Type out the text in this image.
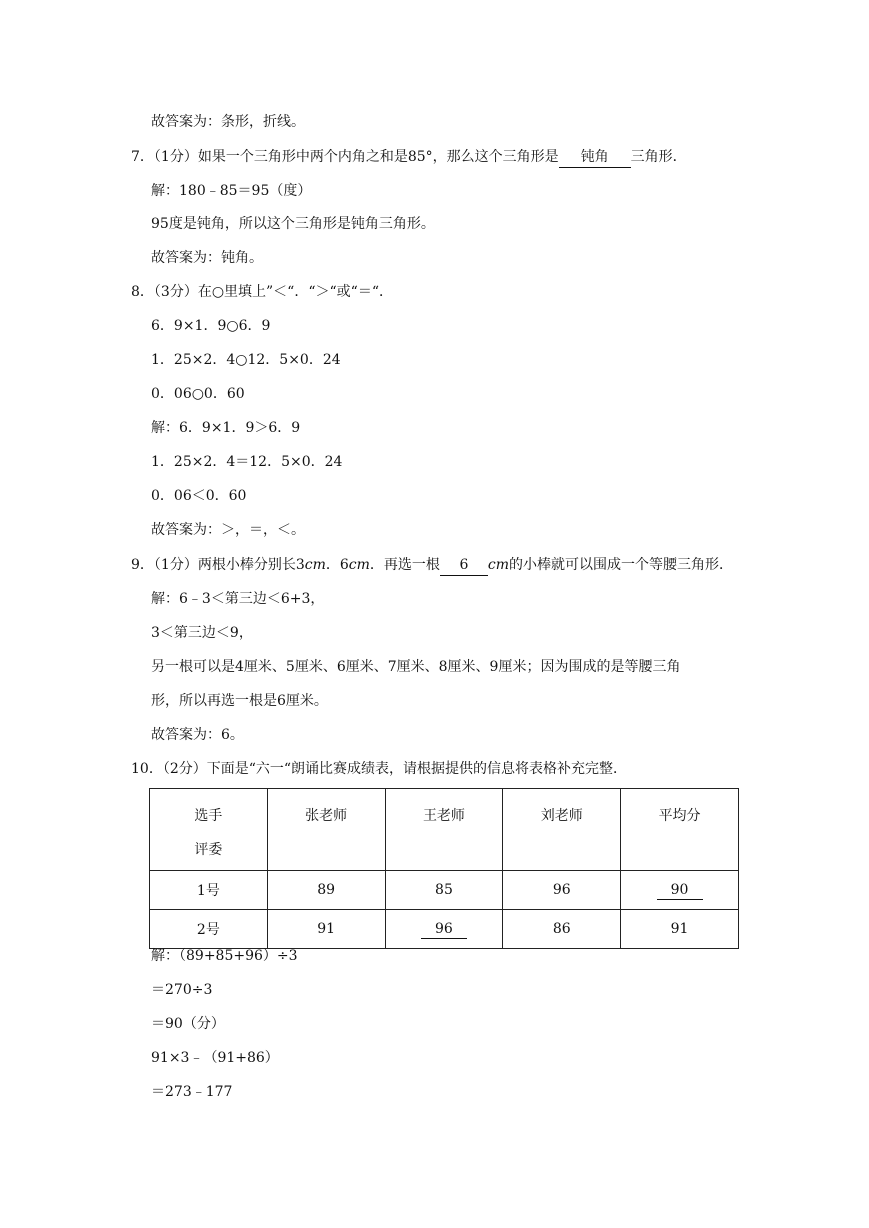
故答案为：条形，折线。
7．（1分）如果一个三角形中两个内角之和是85°，那么这个三角形是 钝角 三角形．
解：180﹣85＝95（度）
95度是钝角，所以这个三角形是钝角三角形。
故答案为：钝角。
8．（3分）在○里填上”＜“．“＞“或“＝“．
6．9×1．9○6．9
1．25×2．4○12．5×0．24
0．06○0．60
解：6．9×1．9＞6．9
1．25×2．4＝12．5×0．24
0．06＜0．60
故答案为：＞，＝，＜。
9．（1分）两根小棒分别长3cm．6cm．再选一根 6 cm的小棒就可以围成一个等腰三角形．
解：6﹣3＜第三边＜6+3，
3＜第三边＜9，
另一根可以是4厘米、5厘米、6厘米、7厘米、8厘米、9厘米；因为围成的是等腰三角
形，所以再选一根是6厘米。
故答案为：6。
10．（2分）下面是“六一“朗诵比赛成绩表，请根据提供的信息将表格补充完整．
选手
评委	张老师	王老师	刘老师	平均分
1号	89	85	96	90
2号	91	96	86	91
解：（89+85+96）÷3
＝270÷3
＝90（分）
91×3﹣（91+86）
＝273﹣177
